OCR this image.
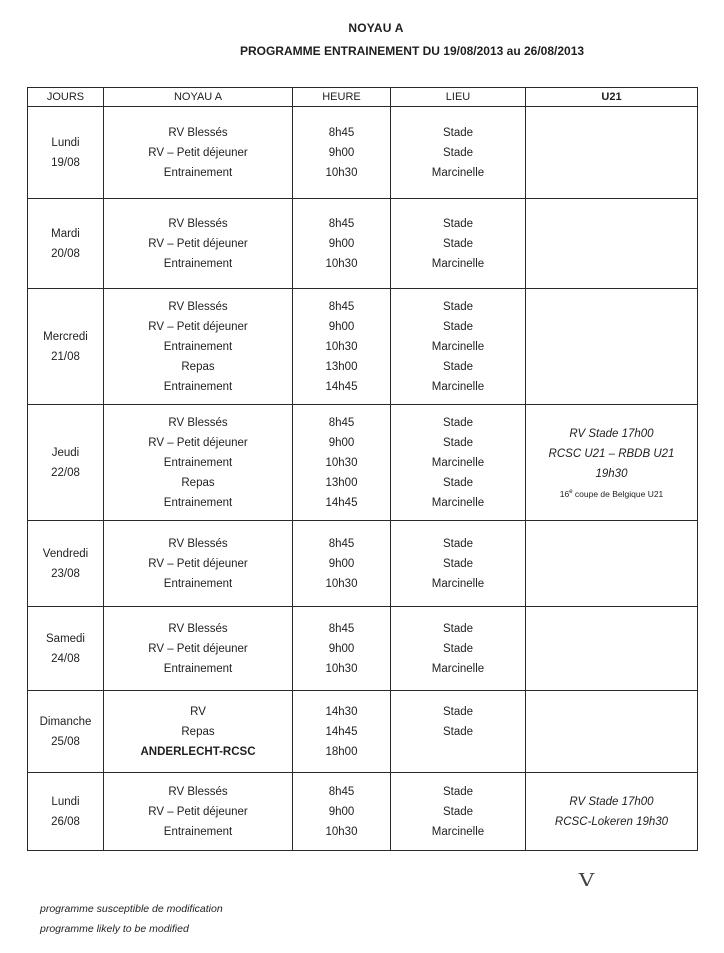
NOYAU A
PROGRAMME ENTRAINEMENT DU 19/08/2013 au 26/08/2013
JOURS	NOYAU A	HEURE	LIEU	U21

Lundi
19/08	RV Blessés
RV – Petit déjeuner
Entrainement	8h45
9h00
10h30	Stade
Stade
Marcinelle	

Mardi
20/08	RV Blessés
RV – Petit déjeuner
Entrainement	8h45
9h00
10h30	Stade
Stade
Marcinelle	

Mercredi
21/08	RV Blessés
RV – Petit déjeuner
Entrainement
Repas
Entrainement	8h45
9h00
10h30
13h00
14h45	Stade
Stade
Marcinelle
Stade
Marcinelle	

Jeudi
22/08	RV Blessés
RV – Petit déjeuner
Entrainement
Repas
Entrainement	8h45
9h00
10h30
13h00
14h45	Stade
Stade
Marcinelle
Stade
Marcinelle	RV Stade 17h00
RCSC U21 – RBDB U21
19h30
16e coupe de Belgique U21

Vendredi
23/08	RV Blessés
RV – Petit déjeuner
Entrainement	8h45
9h00
10h30	Stade
Stade
Marcinelle	

Samedi
24/08	RV Blessés
RV – Petit déjeuner
Entrainement	8h45
9h00
10h30	Stade
Stade
Marcinelle	

Dimanche
25/08	RV
Repas
ANDERLECHT-RCSC	14h30
14h45
18h00	Stade
Stade	

Lundi
26/08	RV Blessés
RV – Petit déjeuner
Entrainement	8h45
9h00
10h30	Stade
Stade
Marcinelle	RV Stade 17h00
RCSC-Lokeren 19h30
V
programme susceptible de modification
programme likely to be modified
